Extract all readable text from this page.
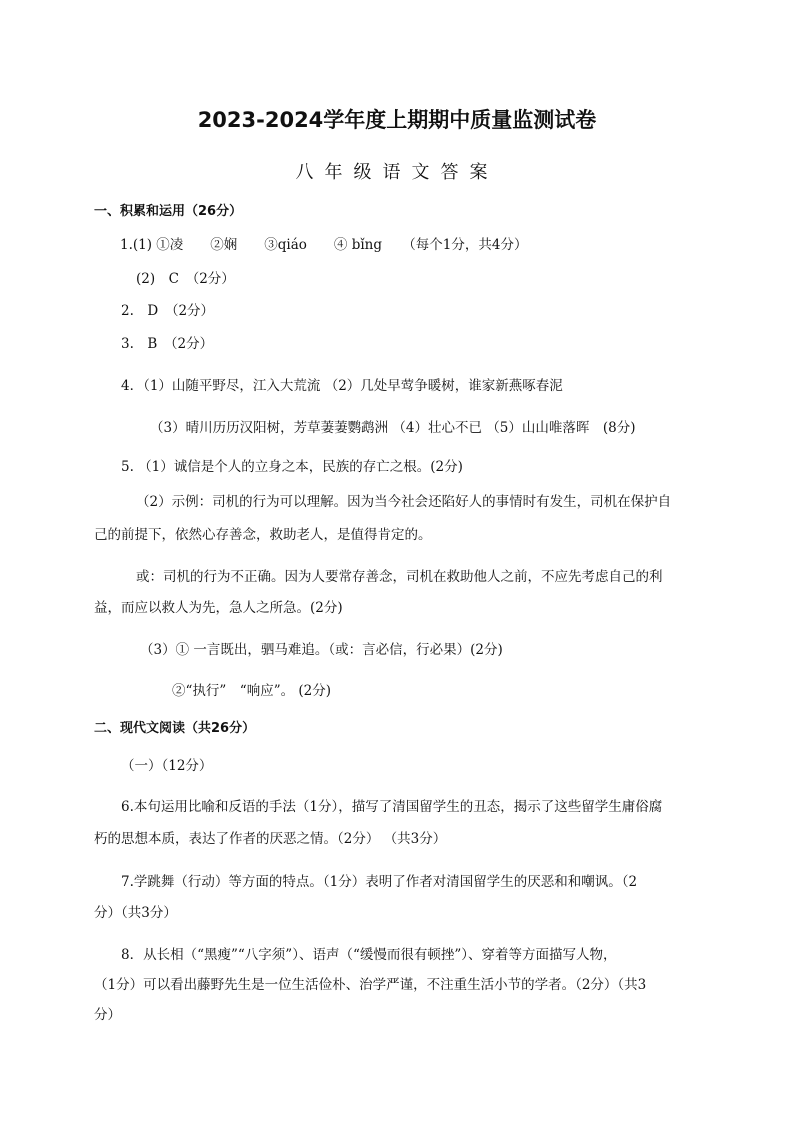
2023-2024学年度上期期中质量监测试卷
八年级语文答案
一、积累和运用（26分）
1.(1) ①凌　　②娴　　③qiáo　　④ bǐng　　（每个1分，共4分）
(2)　C　（2分）
2.　D　（2分）
3.　B　（2分）
4．（1）山随平野尽，江入大荒流 （2）几处早莺争暖树，谁家新燕啄春泥
（3）晴川历历汉阳树，芳草萋萋鹦鹉洲 （4）壮心不已 （5）山山唯落晖　(8分)
5. （1）诚信是个人的立身之本，民族的存亡之根。(2分)
（2）示例：司机的行为可以理解。因为当今社会还陷好人的事情时有发生，司机在保护自
己的前提下，依然心存善念，救助老人，是值得肯定的。
或：司机的行为不正确。因为人要常存善念，司机在救助他人之前，不应先考虑自己的利
益，而应以救人为先，急人之所急。(2分)
（3）① 一言既出，驷马难追。（或：言必信，行必果）(2分)
②“执行”　“响应”。 (2分)
二、现代文阅读（共26分）
（一）（12分）
6.本句运用比喻和反语的手法（1分），描写了清国留学生的丑态，揭示了这些留学生庸俗腐
朽的思想本质，表达了作者的厌恶之情。（2分） （共3分）
7.学跳舞（行动）等方面的特点。（1分）表明了作者对清国留学生的厌恶和和嘲讽。（2
分）（共3分）
8．从长相（“黑瘦”“八字须”）、语声（“缓慢而很有顿挫”）、穿着等方面描写人物，
（1分）可以看出藤野先生是一位生活俭朴、治学严谨，不注重生活小节的学者。（2分）（共3
分）
